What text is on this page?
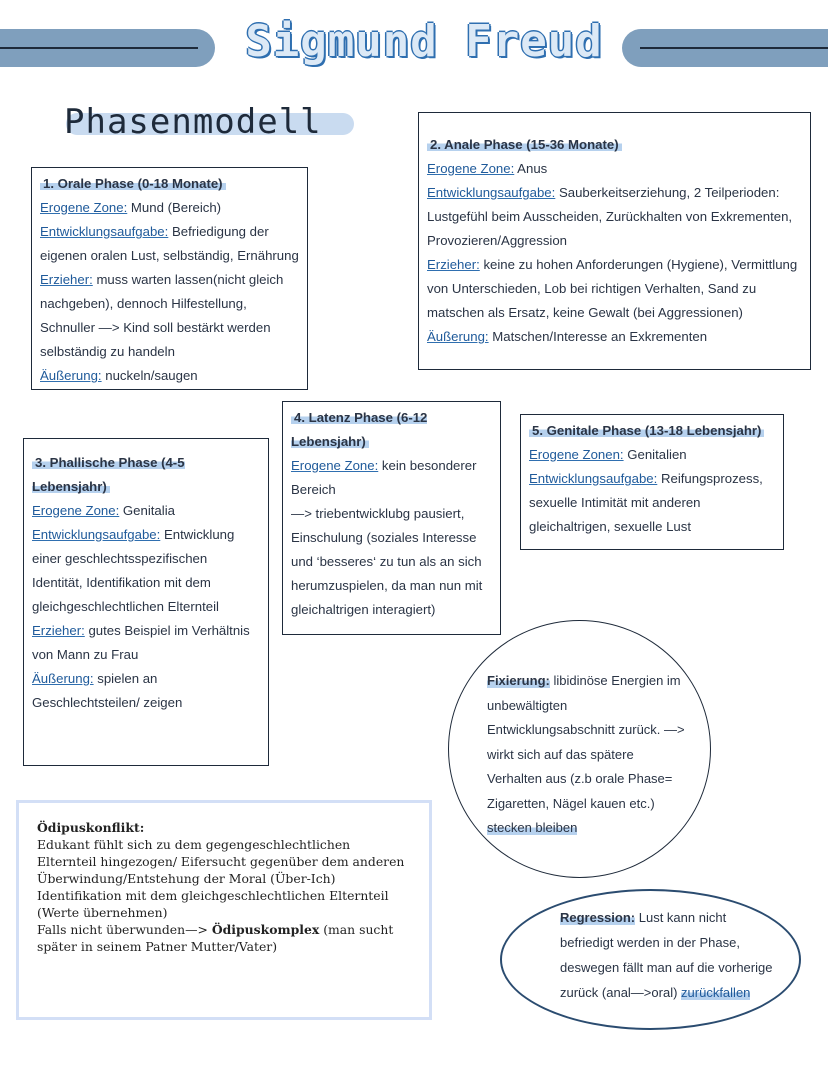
Sigmund Freud
Phasenmodell

1. Orale Phase (0-18 Monate)

Erogene Zone: Mund (Bereich)

Entwicklungsaufgabe: Befriedigung der eigenen oralen Lust, selbständig, Ernährung

Erzieher: muss warten lassen(nicht gleich nachgeben), dennoch Hilfestellung, Schnuller —> Kind soll bestärkt werden selbständig zu handeln

Äußerung: nuckeln/saugen

2. Anale Phase (15-36 Monate)

Erogene Zone: Anus

Entwicklungsaufgabe: Sauberkeitserziehung, 2 Teilperioden: Lustgefühl beim Ausscheiden, Zurückhalten von Exkrementen, Provozieren/Aggression

Erzieher: keine zu hohen Anforderungen (Hygiene), Vermittlung von Unterschieden, Lob bei richtigen Verhalten, Sand zu matschen als Ersatz, keine Gewalt (bei Aggressionen)

Äußerung: Matschen/Interesse an Exkrementen

3. Phallische Phase (4-5 Lebensjahr)

Erogene Zone: Genitalia

Entwicklungsaufgabe: Entwicklung einer geschlechtsspezifischen Identität, Identifikation mit dem gleichgeschlechtlichen Elternteil

Erzieher: gutes Beispiel im Verhältnis von Mann zu Frau

Äußerung: spielen an Geschlechtsteilen/ zeigen

4. Latenz Phase (6-12 Lebensjahr)

Erogene Zone: kein besonderer Bereich

—> triebentwicklubg pausiert, Einschulung (soziales Interesse und ‘besseres‘ zu tun als an sich herumzuspielen, da man nun mit gleichaltrigen interagiert)

5. Genitale Phase (13-18 Lebensjahr)

Erogene Zonen: Genitalien

Entwicklungsaufgabe: Reifungsprozess, sexuelle Intimität mit anderen gleichaltrigen, sexuelle Lust

Fixierung: libidinöse Energien im unbewältigten Entwicklungsabschnitt zurück. —> wirkt sich auf das spätere Verhalten aus (z.b orale Phase= Zigaretten, Nägel kauen etc.) stecken bleiben
Ödipuskonflikt:
Edukant fühlt sich zu dem gegengeschlechtlichen Elternteil hingezogen/ Eifersucht gegenüber dem anderen
Überwindung/Entstehung der Moral (Über-Ich)
Identifikation mit dem gleichgeschlechtlichen Elternteil (Werte übernehmen)
Falls nicht überwunden—> Ödipuskomplex (man sucht später in seinem Patner Mutter/Vater)
Regression: Lust kann nicht befriedigt werden in der Phase, deswegen fällt man auf die vorherige zurück (anal—>oral) zurückfallen
